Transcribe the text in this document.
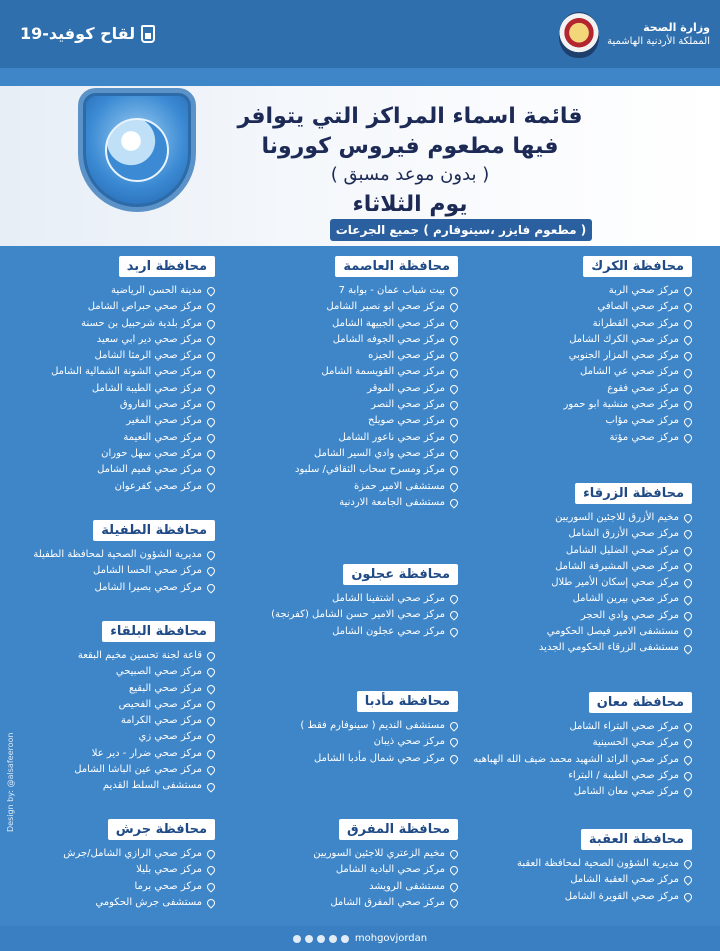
وزارة الصحة
المملكة الأردنية الهاشمية
لقاح كوفيد-19
قائمة اسماء المراكز التي يتوافر
فيها مطعوم فيروس كورونا
( بدون موعد مسبق )
يوم الثلاثاء
( مطعوم فايزر ،سينوفارم ) جميع الجرعات
محافظة الكرك
مركز صحي الربة
مركز صحي الصافي
مركز صحي القطرانة
مركز صحي الكرك الشامل
مركز صحي المزار الجنوبي
مركز صحي عي الشامل
مركز صحي فقوع
مركز صحي منشية ابو حمور
مركز صحي مؤاب
مركز صحي مؤتة
محافظة الزرقاء
مخيم الأزرق للاجئين السوريين
مركز صحي الأزرق الشامل
مركز صحي الضليل الشامل
مركز صحي المشيرفة الشامل
مركز صحي إسكان الأمير طلال
مركز صحي بيرين الشامل
مركز صحي وادي الحجر
مستشفى الامير فيصل الحكومي
مستشفى الزرقاء الحكومي الجديد
محافظة معان
مركز صحي البتراء الشامل
مركز صحي الحسينية
مركز صحي الرائد الشهيد محمد ضيف الله الهباهبه
مركز صحي الطيبة / البتراء
مركز صحي معان الشامل
محافظة العقبة
مديرية الشؤون الصحية لمحافظة العقبة
مركز صحي العقبة الشامل
مركز صحي القويرة الشامل
محافظة العاصمة
بيت شباب عمان - بوابة 7
مركز صحي ابو نصير الشامل
مركز صحي الجبيهة الشامل
مركز صحي الجوفه الشامل
مركز صحي الجيزه
مركز صحي القويسمة الشامل
مركز صحي الموقر
مركز صحي النصر
مركز صحي صويلح
مركز صحي ناعور الشامل
مركز صحي وادي السير الشامل
مركز ومسرح سحاب الثقافي/ سلبود
مستشفى الامير حمزة
مستشفى الجامعة الاردنية
محافظة عجلون
مركز صحي اشتفينا الشامل
مركز صحي الامير حسن الشامل (كفرنجة)
مركز صحي عجلون الشامل
محافظة مأدبا
مستشفى النديم ( سينوفارم فقط )
مركز صحي ذيبان
مركز صحي شمال مأدبا الشامل
محافظة المفرق
مخيم الزعتري للاجئين السوريين
مركز صحي البادية الشامل
مستشفى الرويشد
مركز صحي المفرق الشامل
محافظة اربد
مدينة الحسن الرياضية
مركز صحي حبراص الشامل
مركز بلدية شرحبيل بن حسنة
مركز صحي دير ابي سعيد
مركز صحي الرمثا الشامل
مركز صحي الشونة الشمالية الشامل
مركز صحي الطيبة الشامل
مركز صحي الفاروق
مركز صحي المغير
مركز صحي النعيمة
مركز صحي سهل حوران
مركز صحي قميم الشامل
مركز صحي كفرعوان
محافظة الطفيلة
مديرية الشؤون الصحية لمحافظة الطفيلة
مركز صحي الحسا الشامل
مركز صحي بصيرا الشامل
محافظة البلقاء
قاعة لجنة تحسين مخيم البقعة
مركز صحي الصبيحي
مركز صحي البقيع
مركز صحي الفحيص
مركز صحي الكرامة
مركز صحي زي
مركز صحي ضرار - دير علا
مركز صحي عين الباشا الشامل
مستشفى السلط القديم
محافظة جرش
مركز صحي الرازي الشامل/جرش
مركز صحي بليلا
مركز صحي برما
مستشفى جرش الحكومي
Design by: @alsafeeroon
mohgovjordan
